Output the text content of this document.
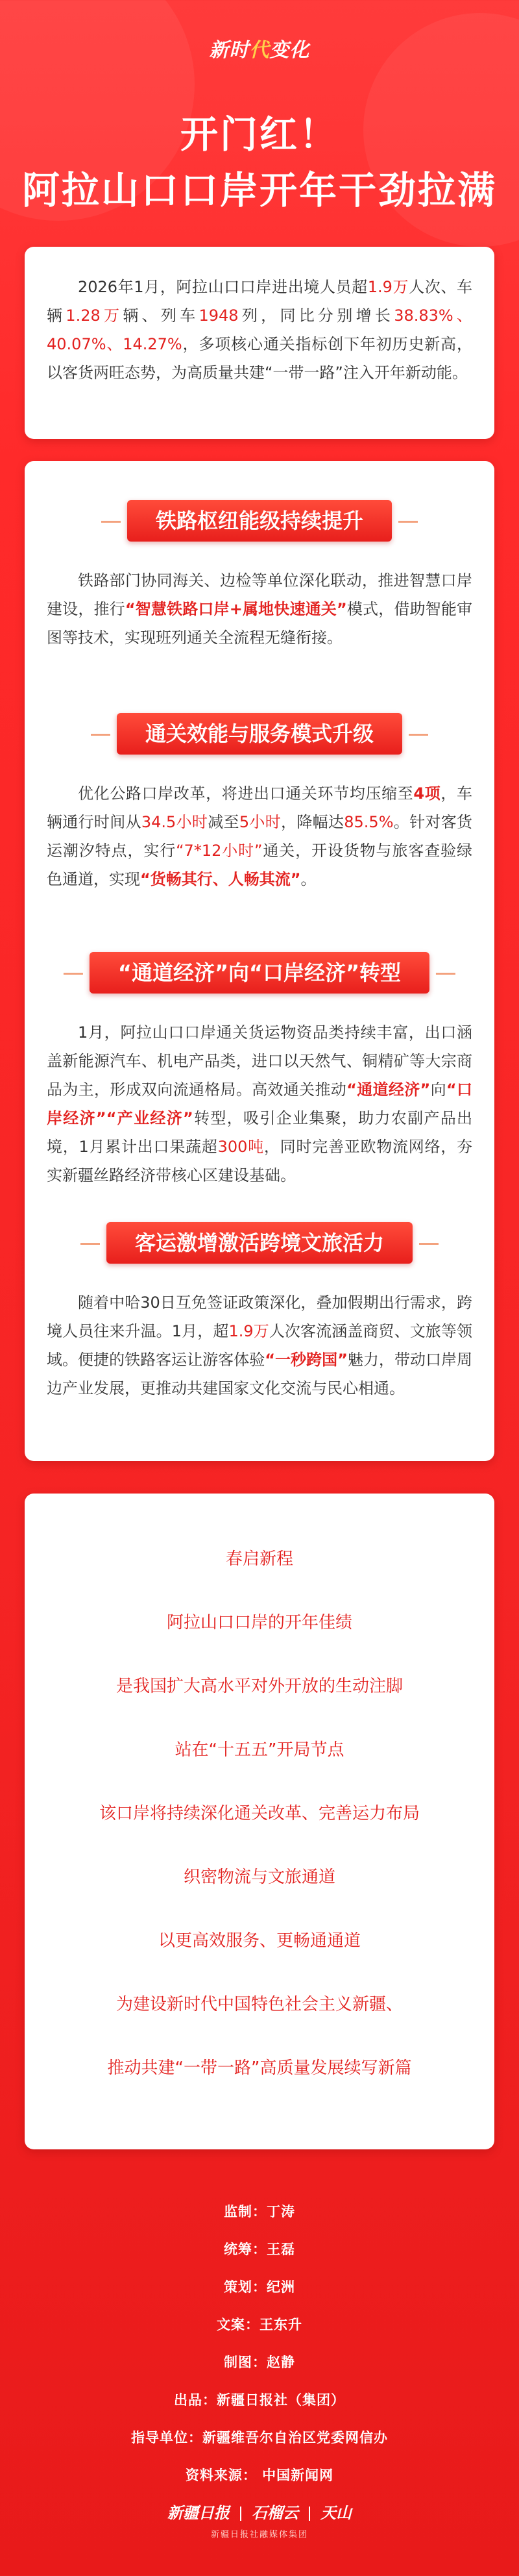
新时代变化
开门红！
阿拉山口口岸开年干劲拉满

2026年1月，阿拉山口口岸进出境人员超1.9万人次、车辆1.28万辆、列车1948列，同比分别增长38.83%、40.07%、14.27%，多项核心通关指标创下年初历史新高，以客货两旺态势，为高质量共建“一带一路”注入开年新动能。

铁路枢纽能级持续提升

铁路部门协同海关、边检等单位深化联动，推进智慧口岸建设，推行“智慧铁路口岸+属地快速通关”模式，借助智能审图等技术，实现班列通关全流程无缝衔接。

通关效能与服务模式升级

优化公路口岸改革，将进出口通关环节均压缩至4项，车辆通行时间从34.5小时减至5小时，降幅达85.5%。针对客货运潮汐特点，实行“7*12小时”通关，开设货物与旅客查验绿色通道，实现“货畅其行、人畅其流”。

“通道经济”向“口岸经济”转型

1月，阿拉山口口岸通关货运物资品类持续丰富，出口涵盖新能源汽车、机电产品类，进口以天然气、铜精矿等大宗商品为主，形成双向流通格局。高效通关推动“通道经济”向“口岸经济”“产业经济”转型，吸引企业集聚，助力农副产品出境，1月累计出口果蔬超300吨，同时完善亚欧物流网络，夯实新疆丝路经济带核心区建设基础。

客运激增激活跨境文旅活力

随着中哈30日互免签证政策深化，叠加假期出行需求，跨境人员往来升温。1月，超1.9万人次客流涵盖商贸、文旅等领域。便捷的铁路客运让游客体验“一秒跨国”魅力，带动口岸周边产业发展，更推动共建国家文化交流与民心相通。

春启新程
阿拉山口口岸的开年佳绩
是我国扩大高水平对外开放的生动注脚
站在“十五五”开局节点
该口岸将持续深化通关改革、完善运力布局
织密物流与文旅通道
以更高效服务、更畅通通道
为建设新时代中国特色社会主义新疆、
推动共建“一带一路”高质量发展续写新篇
监制：丁涛
统筹：王磊
策划：纪洲
文案：王东升
制图：赵静
出品：新疆日报社（集团）
指导单位：新疆维吾尔自治区党委网信办
资料来源： 中国新闻网
新疆日报 石榴云 天山
新疆日报社融媒体集团
